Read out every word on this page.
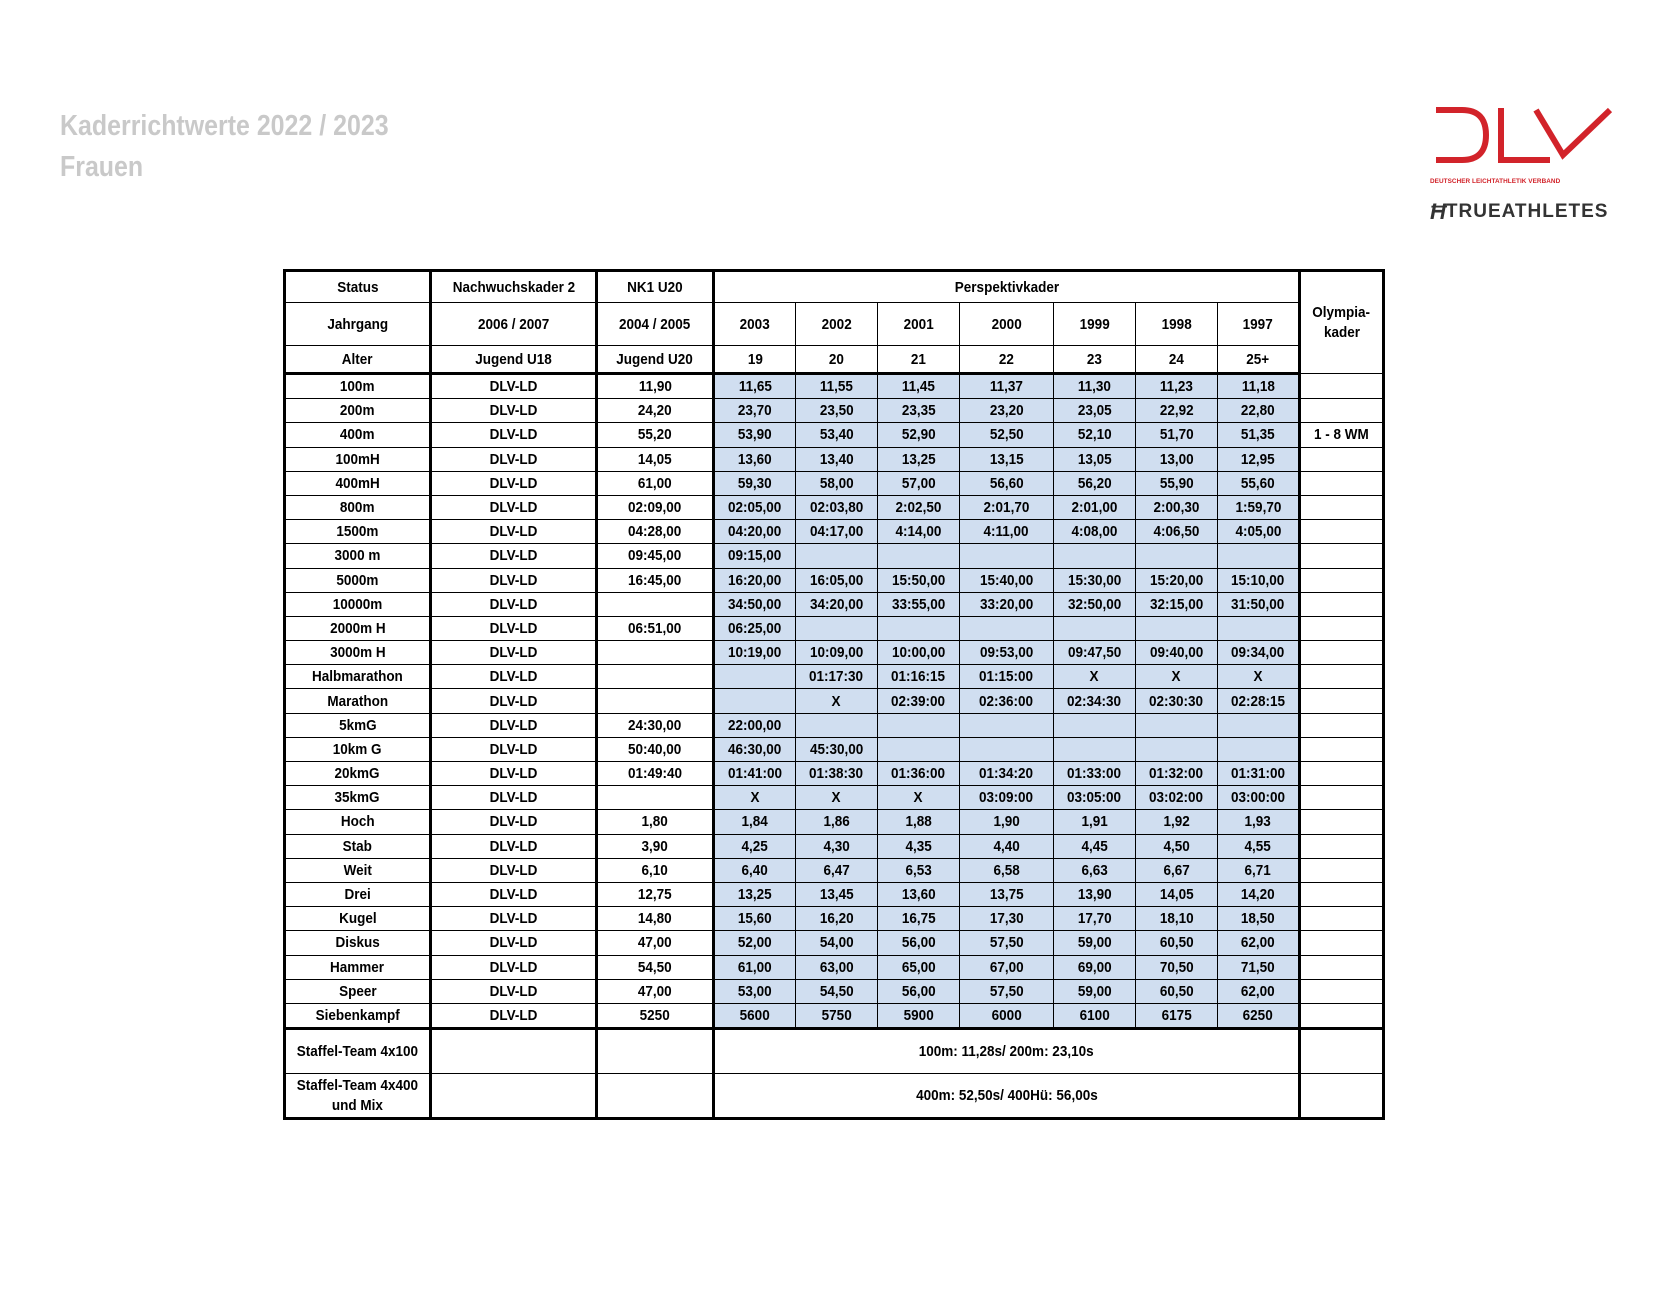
Kaderrichtwerte 2022 / 2023
Frauen	DEUTSCHER LEICHTATHLETIK VERBAND
Ħ TRUEATHLETES
Status	Nachwuchskader 2	NK1 U20	Perspektivkader							Olympia-
kader
Jahrgang	2006 / 2007	2004 / 2005	2003	2002	2001	2000	1999	1998	1997	
Alter	Jugend U18	Jugend U20	19	20	21	22	23	24	25+	
100m	DLV-LD	11,90	11,65	11,55	11,45	11,37	11,30	11,23	11,18	
200m	DLV-LD	24,20	23,70	23,50	23,35	23,20	23,05	22,92	22,80	
400m	DLV-LD	55,20	53,90	53,40	52,90	52,50	52,10	51,70	51,35	1 - 8 WM
100mH	DLV-LD	14,05	13,60	13,40	13,25	13,15	13,05	13,00	12,95	
400mH	DLV-LD	61,00	59,30	58,00	57,00	56,60	56,20	55,90	55,60	
800m	DLV-LD	02:09,00	02:05,00	02:03,80	2:02,50	2:01,70	2:01,00	2:00,30	1:59,70	
1500m	DLV-LD	04:28,00	04:20,00	04:17,00	4:14,00	4:11,00	4:08,00	4:06,50	4:05,00	
3000 m	DLV-LD	09:45,00	09:15,00							
5000m	DLV-LD	16:45,00	16:20,00	16:05,00	15:50,00	15:40,00	15:30,00	15:20,00	15:10,00	
10000m	DLV-LD		34:50,00	34:20,00	33:55,00	33:20,00	32:50,00	32:15,00	31:50,00	
2000m H	DLV-LD	06:51,00	06:25,00							
3000m H	DLV-LD		10:19,00	10:09,00	10:00,00	09:53,00	09:47,50	09:40,00	09:34,00	
Halbmarathon	DLV-LD			01:17:30	01:16:15	01:15:00	X	X	X	
Marathon	DLV-LD			X	02:39:00	02:36:00	02:34:30	02:30:30	02:28:15	
5kmG	DLV-LD	24:30,00	22:00,00							
10km G	DLV-LD	50:40,00	46:30,00	45:30,00						
20kmG	DLV-LD	01:49:40	01:41:00	01:38:30	01:36:00	01:34:20	01:33:00	01:32:00	01:31:00	
35kmG	DLV-LD		X	X	X	03:09:00	03:05:00	03:02:00	03:00:00	
Hoch	DLV-LD	1,80	1,84	1,86	1,88	1,90	1,91	1,92	1,93	
Stab	DLV-LD	3,90	4,25	4,30	4,35	4,40	4,45	4,50	4,55	
Weit	DLV-LD	6,10	6,40	6,47	6,53	6,58	6,63	6,67	6,71	
Drei	DLV-LD	12,75	13,25	13,45	13,60	13,75	13,90	14,05	14,20	
Kugel	DLV-LD	14,80	15,60	16,20	16,75	17,30	17,70	18,10	18,50	
Diskus	DLV-LD	47,00	52,00	54,00	56,00	57,50	59,00	60,50	62,00	
Hammer	DLV-LD	54,50	61,00	63,00	65,00	67,00	69,00	70,50	71,50	
Speer	DLV-LD	47,00	53,00	54,50	56,00	57,50	59,00	60,50	62,00	
Siebenkampf	DLV-LD	5250	5600	5750	5900	6000	6100	6175	6250	
Staffel-Team 4x100			100m: 11,28s/ 200m: 23,10s							
Staffel-Team 4x400
und Mix			400m: 52,50s/ 400Hü: 56,00s							
